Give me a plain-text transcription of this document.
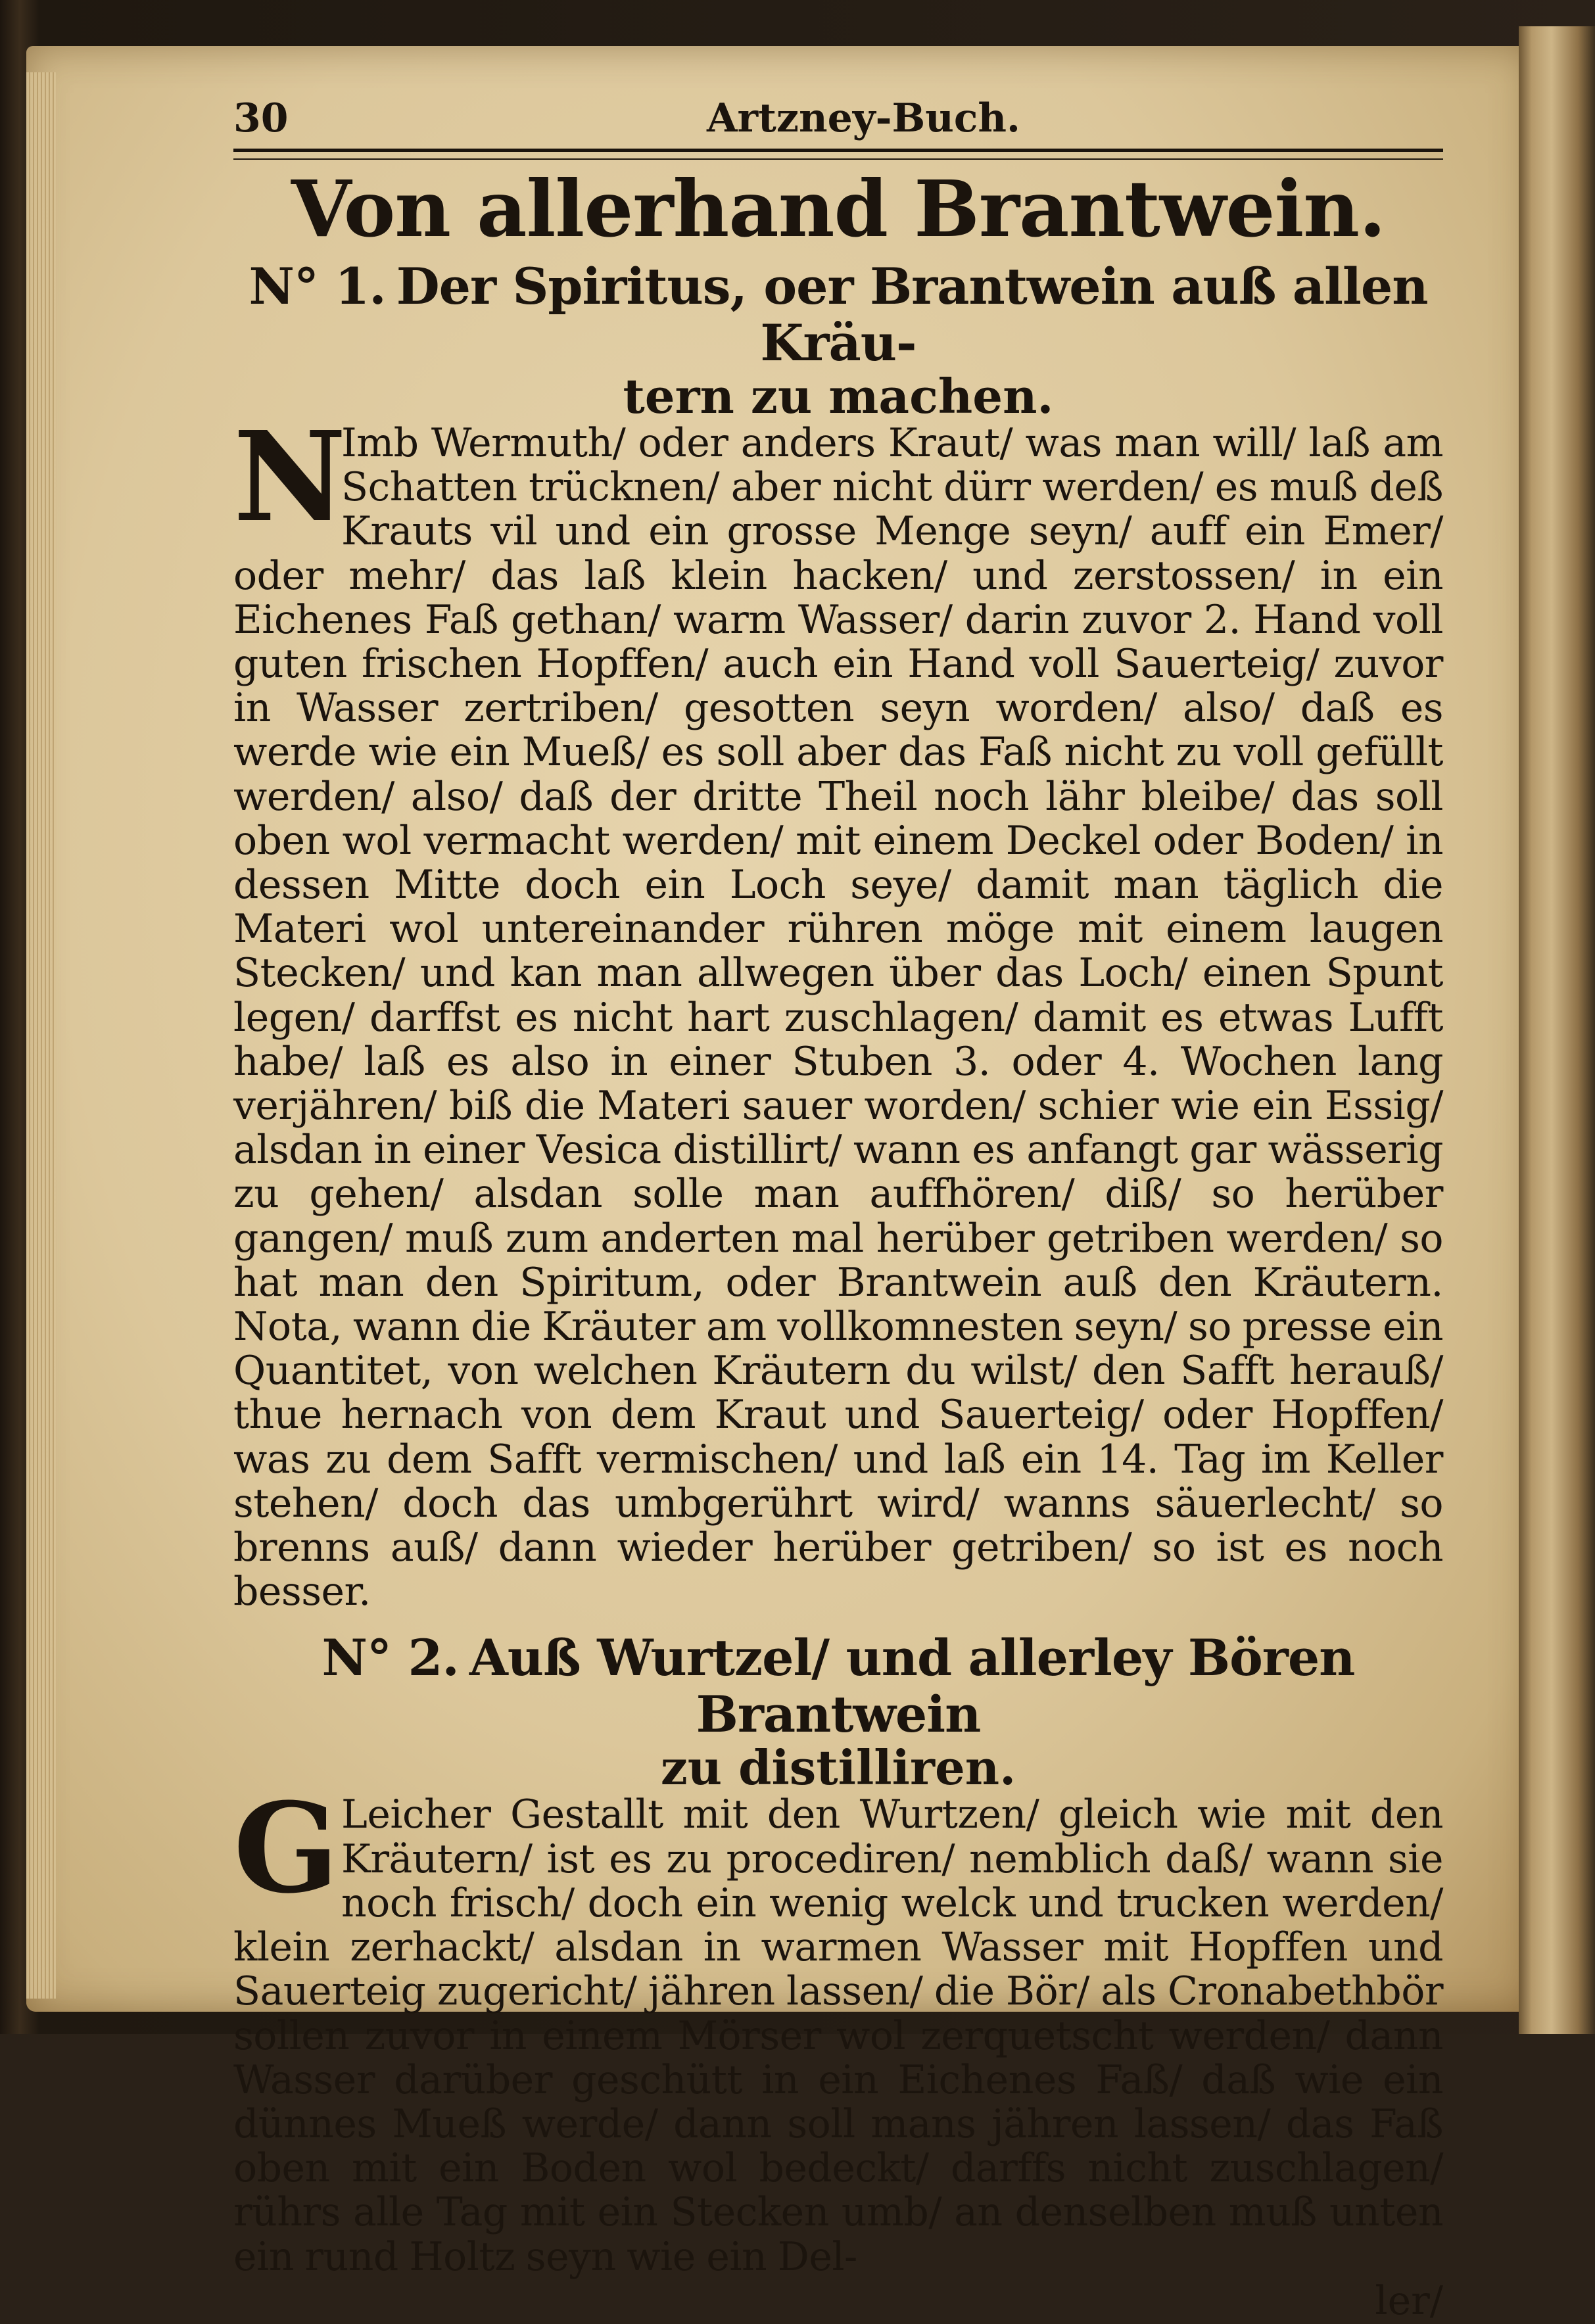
30	Artzney-Buch.
Von allerhand Brantwein.
N° 1. Der Spiritus, oer Brantwein auß allen Kräu-
tern zu machen.
N

Imb Wermuth/ oder anders Kraut/ was man will/ laß am Schatten trücknen/ aber nicht dürr werden/ es muß deß Krauts vil und ein grosse Menge seyn/ auff ein Emer/ oder mehr/ das laß klein hacken/ und zerstossen/ in ein Eichenes Faß gethan/ warm Wasser/ darin zuvor 2. Hand voll guten frischen Hopffen/ auch ein Hand voll Sauerteig/ zuvor in Wasser zertriben/ gesotten seyn worden/ also/ daß es werde wie ein Mueß/ es soll aber das Faß nicht zu voll gefüllt werden/ also/ daß der dritte Theil noch lähr bleibe/ das soll oben wol vermacht werden/ mit einem Deckel oder Boden/ in dessen Mitte doch ein Loch seye/ damit man täglich die Materi wol untereinander rühren möge mit einem laugen Stecken/ und kan man allwegen über das Loch/ einen Spunt legen/ darffst es nicht hart zuschlagen/ damit es etwas Lufft habe/ laß es also in einer Stuben 3. oder 4. Wochen lang verjähren/ biß die Materi sauer worden/ schier wie ein Essig/ alsdan in einer Vesica distillirt/ wann es anfangt gar wässerig zu gehen/ alsdan solle man auffhören/ diß/ so herüber gangen/ muß zum anderten mal herüber getriben werden/ so hat man den Spiritum, oder Brantwein auß den Kräutern. Nota, wann die Kräuter am vollkomnesten seyn/ so presse ein Quantitet, von welchen Kräutern du wilst/ den Safft herauß/ thue hernach von dem Kraut und Sauerteig/ oder Hopffen/ was zu dem Safft vermischen/ und laß ein 14. Tag im Keller stehen/ doch das umbgerührt wird/ wanns säuerlecht/ so brenns auß/ dann wieder herüber getriben/ so ist es noch besser.

N° 2. Auß Wurtzel/ und allerley Bören Brantwein
zu distilliren.
G Leicher Gestallt mit den Wurtzen/ gleich wie mit den Kräutern/ ist es zu procediren/ nemblich daß/ wann sie noch frisch/ doch ein wenig welck und trucken werden/ klein zerhackt/ alsdan in warmen Wasser mit Hopffen und Sauerteig zugericht/ jähren lassen/ die Bör/ als Cronabethbör sollen zuvor in einem Mörser wol zerquetscht werden/ dann Wasser darüber geschütt in ein Eichenes Faß/ daß wie ein dünnes Mueß werde/ dann soll mans jähren lassen/ das Faß oben mit ein Boden wol bedeckt/ darffs nicht zuschlagen/ rührs alle Tag mit ein Stecken umb/ an denselben muß unten ein rund Holtz seyn wie ein Del-

ler/
